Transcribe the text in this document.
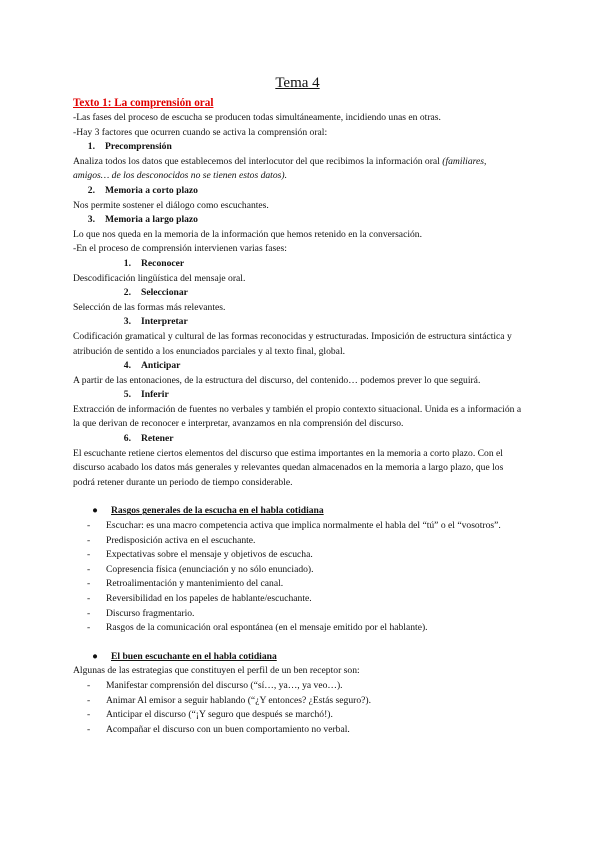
Tema 4
Texto 1: La comprensión oral

-Las fases del proceso de escucha se producen todas simultáneamente, incidiendo unas en otras.

-Hay 3 factores que ocurren cuando se activa la comprensión oral:

1. Precomprensión

Analiza todos los datos que establecemos del interlocutor del que recibimos la información oral (familiares, amigos… de los desconocidos no se tienen estos datos).

2. Memoria a corto plazo

Nos permite sostener el diálogo como escuchantes.

3. Memoria a largo plazo

Lo que nos queda en la memoria de la información que hemos retenido en la conversación.

-En el proceso de comprensión intervienen varias fases:

1. Reconocer

Descodificación lingüística del mensaje oral.

2. Seleccionar

Selección de las formas más relevantes.

3. Interpretar

Codificación gramatical y cultural de las formas reconocidas y estructuradas. Imposición de estructura sintáctica y atribución de sentido a los enunciados parciales y al texto final, global.

4. Anticipar

A partir de las entonaciones, de la estructura del discurso, del contenido… podemos prever lo que seguirá.

5. Inferir

Extracción de información de fuentes no verbales y también el propio contexto situacional. Unida es a información a la que derivan de reconocer e interpretar, avanzamos en nla comprensión del discurso.

6. Retener

El escuchante retiene ciertos elementos del discurso que estima importantes en la memoria a corto plazo. Con el discurso acabado los datos más generales y relevantes quedan almacenados en la memoria a largo plazo, que los podrá retener durante un periodo de tiempo considerable.

● Rasgos generales de la escucha en el habla cotidiana
- Escuchar: es una macro competencia activa que implica normalmente el habla del “tú” o el “vosotros”.
- Predisposición activa en el escuchante.
- Expectativas sobre el mensaje y objetivos de escucha.
- Copresencia física (enunciación y no sólo enunciado).
- Retroalimentación y mantenimiento del canal.
- Reversibilidad en los papeles de hablante/escuchante.
- Discurso fragmentario.
- Rasgos de la comunicación oral espontánea (en el mensaje emitido por el hablante).
● El buen escuchante en el habla cotidiana

Algunas de las estrategias que constituyen el perfil de un ben receptor son:

- Manifestar comprensión del discurso (“sí…, ya…, ya veo…).
- Animar Al emisor a seguir hablando (“¿Y entonces? ¿Estás seguro?).
- Anticipar el discurso (“¡Y seguro que después se marchó!).
- Acompañar el discurso con un buen comportamiento no verbal.
